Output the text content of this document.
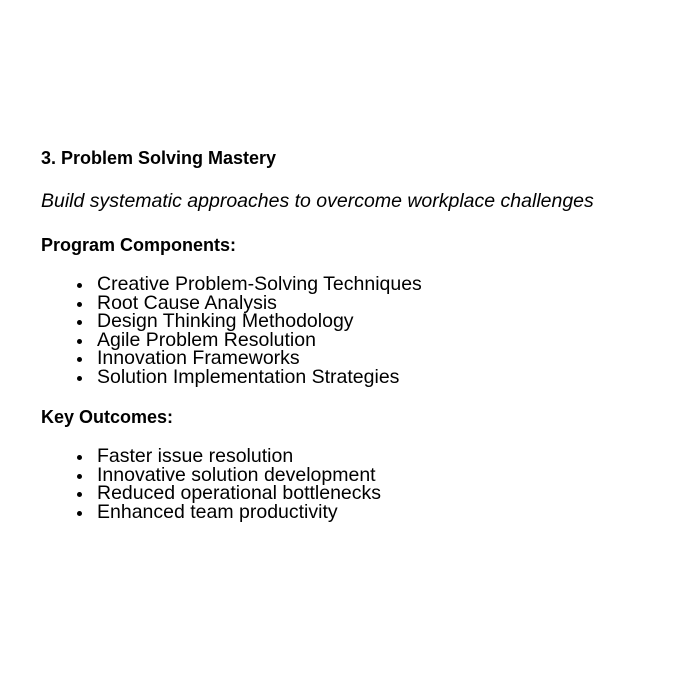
3. Problem Solving Mastery

Build systematic approaches to overcome workplace challenges

Program Components:
Creative Problem-Solving Techniques
Root Cause Analysis
Design Thinking Methodology
Agile Problem Resolution
Innovation Frameworks
Solution Implementation Strategies
Key Outcomes:
Faster issue resolution
Innovative solution development
Reduced operational bottlenecks
Enhanced team productivity
